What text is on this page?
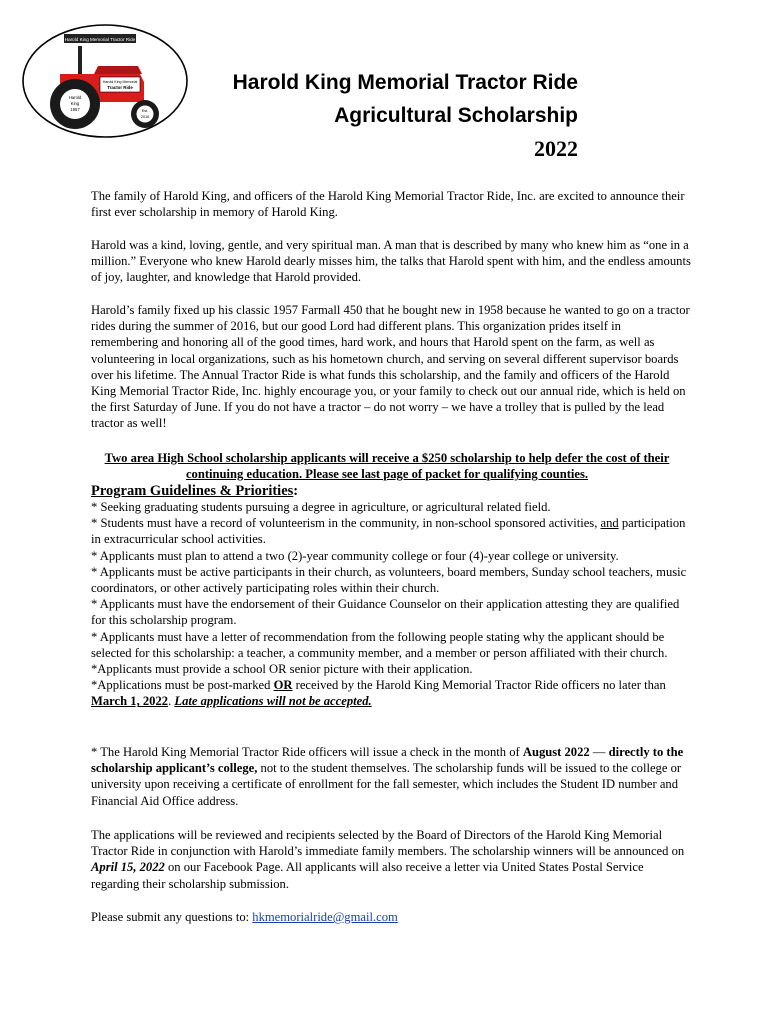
Harold King Memorial Tractor Ride
Harold King Memorial
Tractor Ride
Harold
King
1957	Est.
2016
Harold King Memorial Tractor Ride
Agricultural Scholarship
2022

The family of Harold King, and officers of the Harold King Memorial Tractor Ride, Inc. are excited to announce their first ever scholarship in memory of Harold King.

Harold was a kind, loving, gentle, and very spiritual man. A man that is described by many who knew him as “one in a million.” Everyone who knew Harold dearly misses him, the talks that Harold spent with him, and the endless amounts of joy, laughter, and knowledge that Harold provided.

Harold’s family fixed up his classic 1957 Farmall 450 that he bought new in 1958 because he wanted to go on a tractor rides during the summer of 2016, but our good Lord had different plans. This organization prides itself in remembering and honoring all of the good times, hard work, and hours that Harold spent on the farm, as well as volunteering in local organizations, such as his hometown church, and serving on several different supervisor boards over his lifetime. The Annual Tractor Ride is what funds this scholarship, and the family and officers of the Harold King Memorial Tractor Ride, Inc. highly encourage you, or your family to check out our annual ride, which is held on the first Saturday of June. If you do not have a tractor – do not worry – we have a trolley that is pulled by the lead tractor as well!

Two area High School scholarship applicants will receive a $250 scholarship to help defer the cost of their continuing education. Please see last page of packet for qualifying counties.

Program Guidelines & Priorities:
* Seeking graduating students pursuing a degree in agriculture, or agricultural related field.
* Students must have a record of volunteerism in the community, in non-school sponsored activities, and participation in extracurricular school activities.
* Applicants must plan to attend a two (2)-year community college or four (4)-year college or university.
* Applicants must be active participants in their church, as volunteers, board members, Sunday school teachers, music coordinators, or other actively participating roles within their church.
* Applicants must have the endorsement of their Guidance Counselor on their application attesting they are qualified for this scholarship program.
* Applicants must have a letter of recommendation from the following people stating why the applicant should be selected for this scholarship: a teacher, a community member, and a member or person affiliated with their church.
*Applicants must provide a school OR senior picture with their application.
*Applications must be post-marked OR received by the Harold King Memorial Tractor Ride officers no later than March 1, 2022. Late applications will not be accepted.

* The Harold King Memorial Tractor Ride officers will issue a check in the month of August 2022 — directly to the scholarship applicant’s college, not to the student themselves. The scholarship funds will be issued to the college or university upon receiving a certificate of enrollment for the fall semester, which includes the Student ID number and Financial Aid Office address.

The applications will be reviewed and recipients selected by the Board of Directors of the Harold King Memorial Tractor Ride in conjunction with Harold’s immediate family members. The scholarship winners will be announced on April 15, 2022 on our Facebook Page. All applicants will also receive a letter via United States Postal Service regarding their scholarship submission.

Please submit any questions to: hkmemorialride@gmail.com
